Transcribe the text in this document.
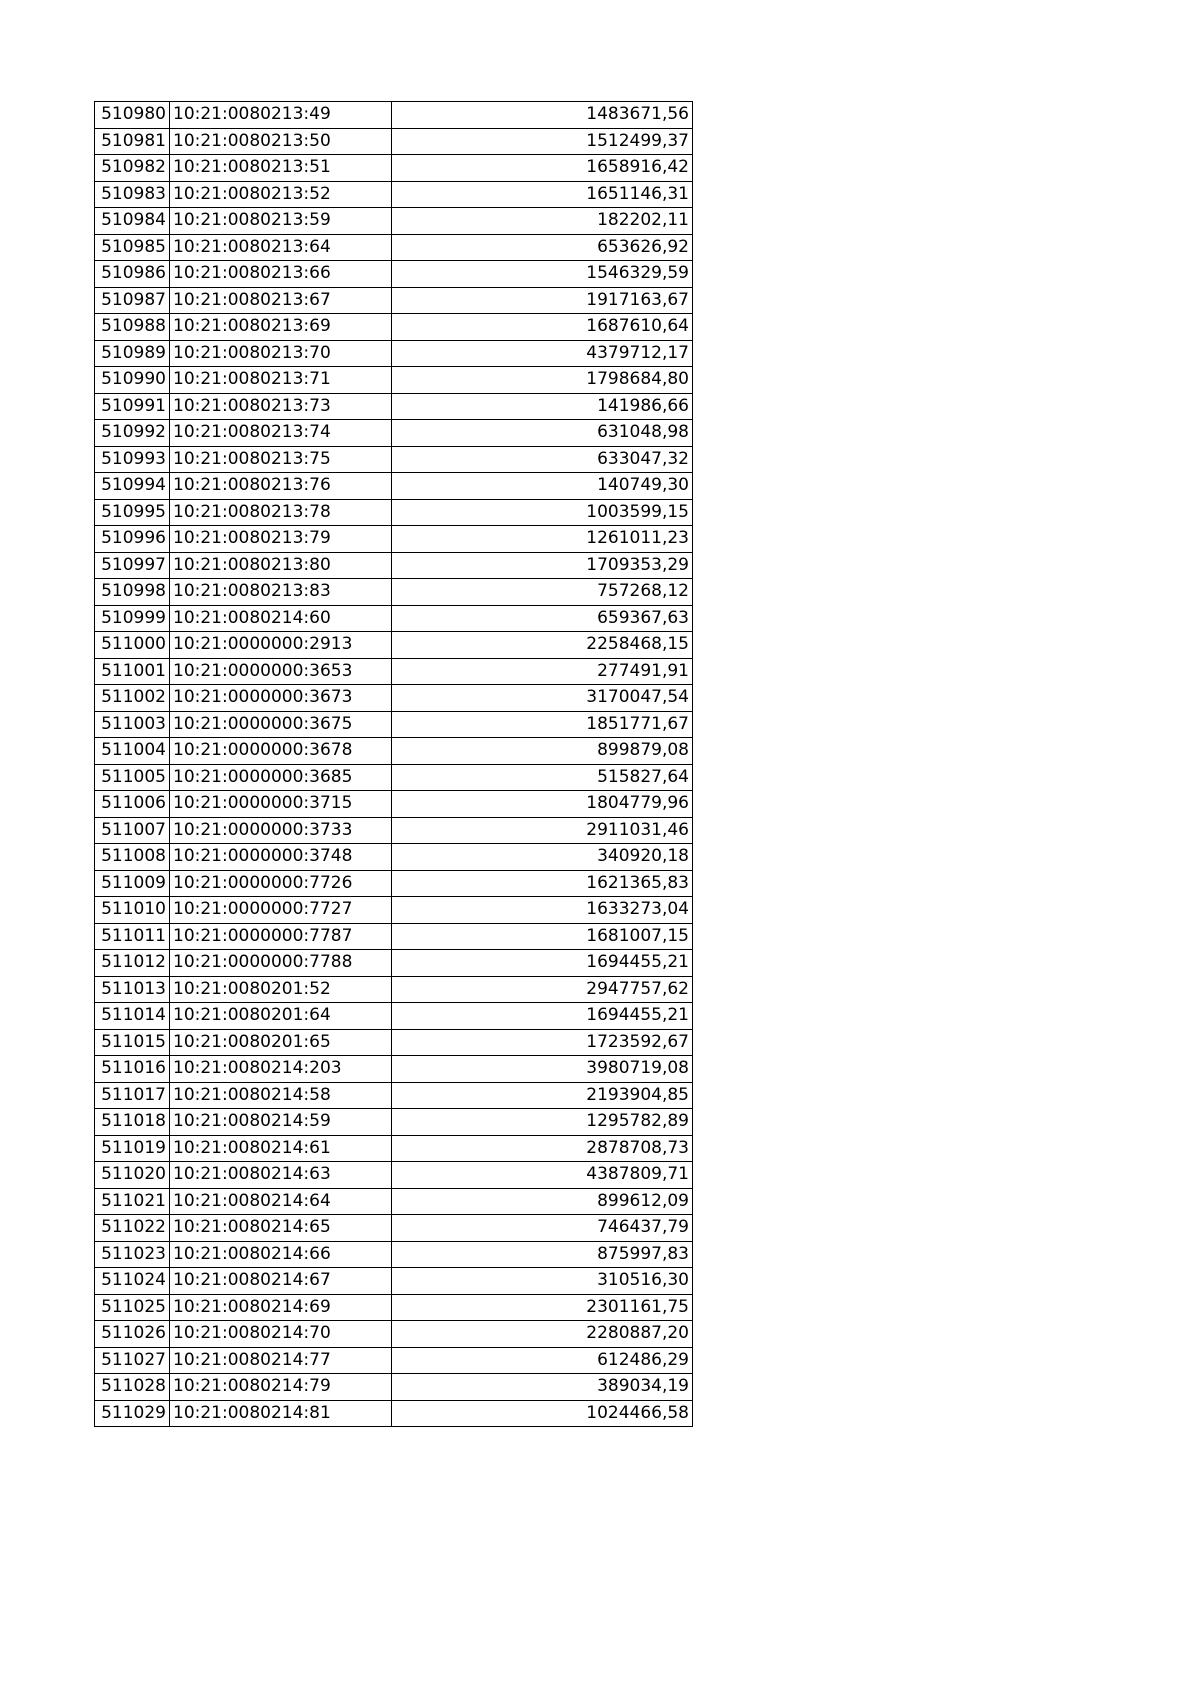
510980	10:21:0080213:49	1483671,56
510981	10:21:0080213:50	1512499,37
510982	10:21:0080213:51	1658916,42
510983	10:21:0080213:52	1651146,31
510984	10:21:0080213:59	182202,11
510985	10:21:0080213:64	653626,92
510986	10:21:0080213:66	1546329,59
510987	10:21:0080213:67	1917163,67
510988	10:21:0080213:69	1687610,64
510989	10:21:0080213:70	4379712,17
510990	10:21:0080213:71	1798684,80
510991	10:21:0080213:73	141986,66
510992	10:21:0080213:74	631048,98
510993	10:21:0080213:75	633047,32
510994	10:21:0080213:76	140749,30
510995	10:21:0080213:78	1003599,15
510996	10:21:0080213:79	1261011,23
510997	10:21:0080213:80	1709353,29
510998	10:21:0080213:83	757268,12
510999	10:21:0080214:60	659367,63
511000	10:21:0000000:2913	2258468,15
511001	10:21:0000000:3653	277491,91
511002	10:21:0000000:3673	3170047,54
511003	10:21:0000000:3675	1851771,67
511004	10:21:0000000:3678	899879,08
511005	10:21:0000000:3685	515827,64
511006	10:21:0000000:3715	1804779,96
511007	10:21:0000000:3733	2911031,46
511008	10:21:0000000:3748	340920,18
511009	10:21:0000000:7726	1621365,83
511010	10:21:0000000:7727	1633273,04
511011	10:21:0000000:7787	1681007,15
511012	10:21:0000000:7788	1694455,21
511013	10:21:0080201:52	2947757,62
511014	10:21:0080201:64	1694455,21
511015	10:21:0080201:65	1723592,67
511016	10:21:0080214:203	3980719,08
511017	10:21:0080214:58	2193904,85
511018	10:21:0080214:59	1295782,89
511019	10:21:0080214:61	2878708,73
511020	10:21:0080214:63	4387809,71
511021	10:21:0080214:64	899612,09
511022	10:21:0080214:65	746437,79
511023	10:21:0080214:66	875997,83
511024	10:21:0080214:67	310516,30
511025	10:21:0080214:69	2301161,75
511026	10:21:0080214:70	2280887,20
511027	10:21:0080214:77	612486,29
511028	10:21:0080214:79	389034,19
511029	10:21:0080214:81	1024466,58
